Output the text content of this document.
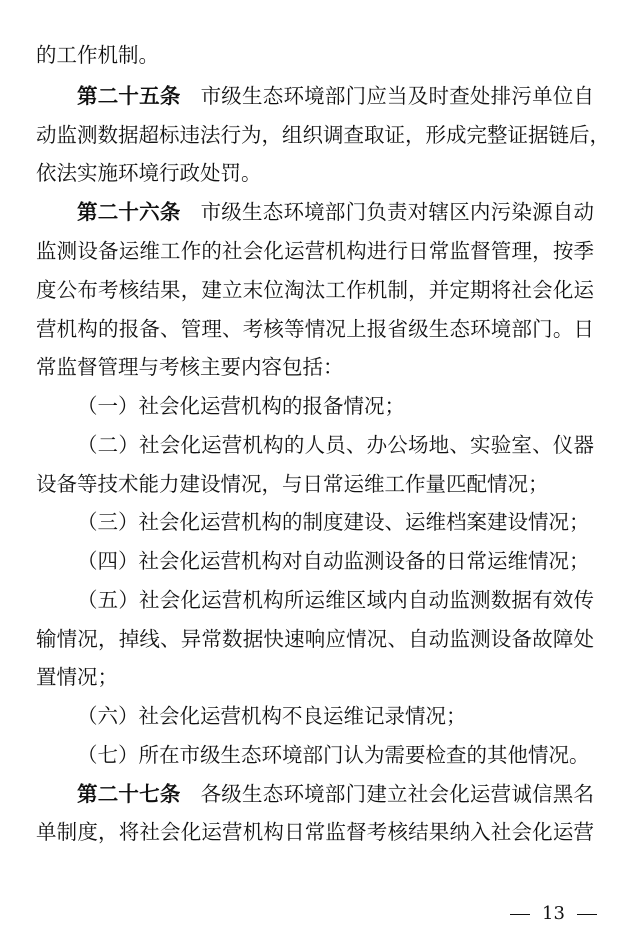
的工作机制。
第二十五条 市级生态环境部门应当及时查处排污单位自
动监测数据超标违法行为，组织调查取证，形成完整证据链后，
依法实施环境行政处罚。
第二十六条 市级生态环境部门负责对辖区内污染源自动
监测设备运维工作的社会化运营机构进行日常监督管理，按季
度公布考核结果，建立末位淘汰工作机制，并定期将社会化运
营机构的报备、管理、考核等情况上报省级生态环境部门。日
常监督管理与考核主要内容包括：
（一）社会化运营机构的报备情况；
（二）社会化运营机构的人员、办公场地、实验室、仪器
设备等技术能力建设情况，与日常运维工作量匹配情况；
（三）社会化运营机构的制度建设、运维档案建设情况；
（四）社会化运营机构对自动监测设备的日常运维情况；
（五）社会化运营机构所运维区域内自动监测数据有效传
输情况，掉线、异常数据快速响应情况、自动监测设备故障处
置情况；
（六）社会化运营机构不良运维记录情况；
（七）所在市级生态环境部门认为需要检查的其他情况。
第二十七条 各级生态环境部门建立社会化运营诚信黑名
单制度，将社会化运营机构日常监督考核结果纳入社会化运营
13
